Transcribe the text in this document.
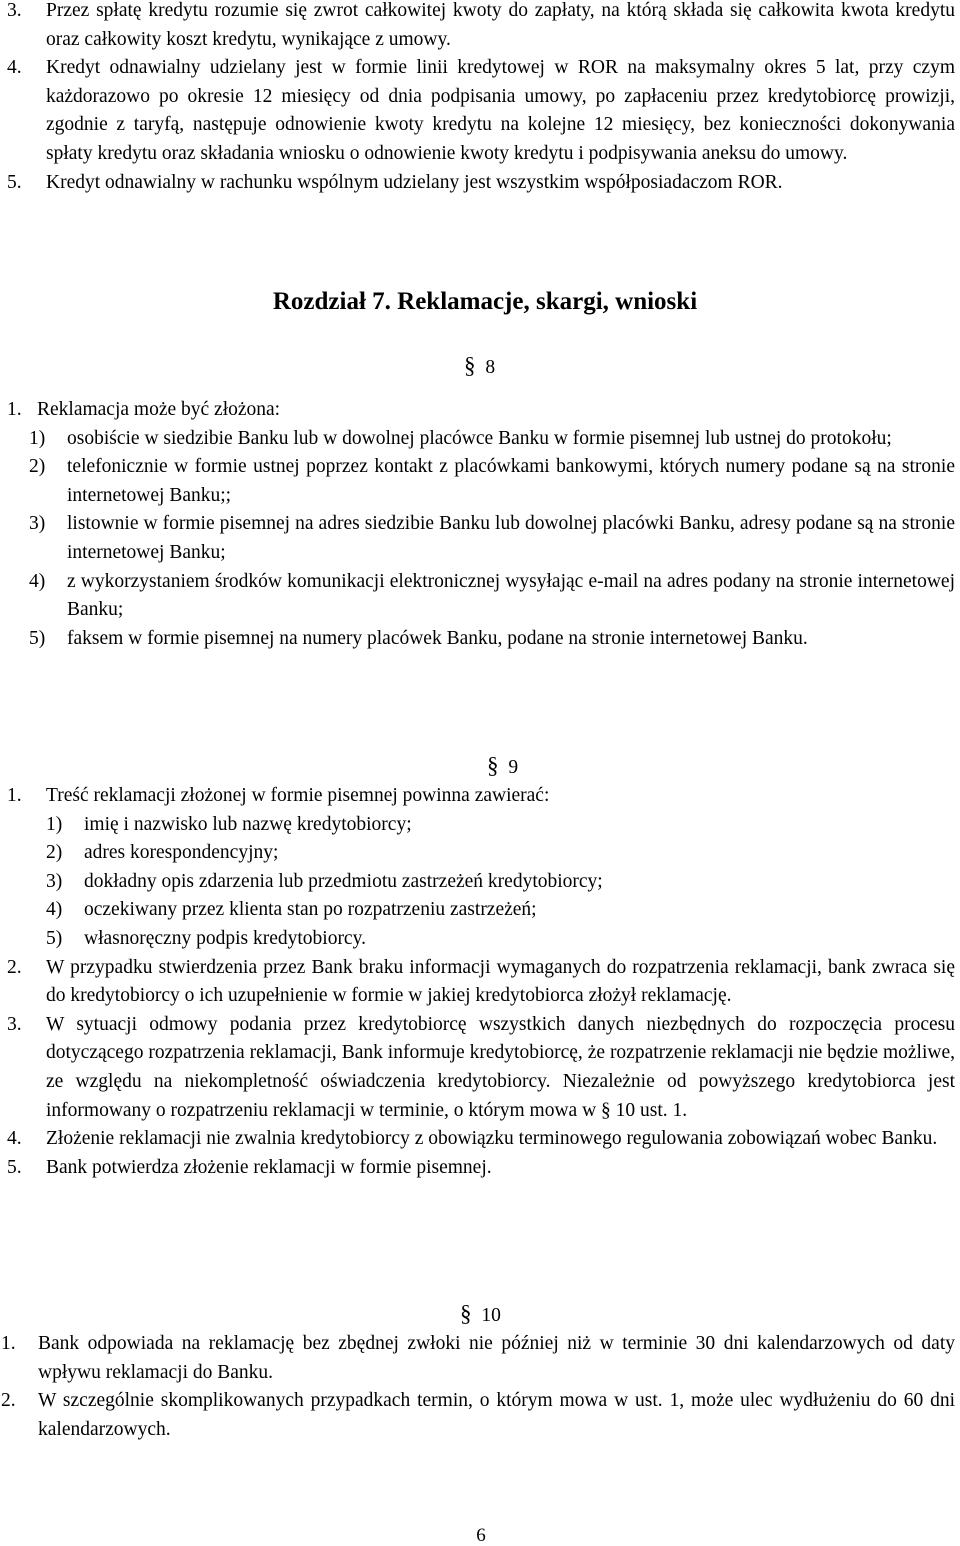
3.	Przez spłatę kredytu rozumie się zwrot całkowitej kwoty do zapłaty, na którą składa się całkowita kwota kredytu oraz całkowity koszt kredytu, wynikające z umowy.
4.	Kredyt odnawialny udzielany jest w formie linii kredytowej w ROR na maksymalny okres 5 lat, przy czym każdorazowo po okresie 12 miesięcy od dnia podpisania umowy, po zapłaceniu przez kredytobiorcę prowizji, zgodnie z taryfą, następuje odnowienie kwoty kredytu na kolejne 12 miesięcy, bez konieczności dokonywania spłaty kredytu oraz składania wniosku o odnowienie kwoty kredytu i podpisywania aneksu do umowy.
5.	Kredyt odnawialny w rachunku wspólnym udzielany jest wszystkim współposiadaczom ROR.
Rozdział 7. Reklamacje, skargi, wnioski
§ 8
1. Reklamacja może być złożona:
1)	osobiście w siedzibie Banku lub w dowolnej placówce Banku w formie pisemnej lub ustnej do protokołu;
2)	telefonicznie w formie ustnej poprzez kontakt z placówkami bankowymi, których numery podane są na stronie internetowej Banku;;
3)	listownie w formie pisemnej na adres siedzibie Banku lub dowolnej placówki Banku, adresy podane są na stronie internetowej Banku;
4)	z wykorzystaniem środków komunikacji elektronicznej wysyłając e-mail na adres podany na stronie internetowej Banku;
5)	faksem w formie pisemnej na numery placówek Banku, podane na stronie internetowej Banku.
§ 9
1.	Treść reklamacji złożonej w formie pisemnej powinna zawierać:
1)	imię i nazwisko lub nazwę kredytobiorcy;
2)	adres korespondencyjny;
3)	dokładny opis zdarzenia lub przedmiotu zastrzeżeń kredytobiorcy;
4)	oczekiwany przez klienta stan po rozpatrzeniu zastrzeżeń;
5)	własnoręczny podpis kredytobiorcy.
2.	W przypadku stwierdzenia przez Bank braku informacji wymaganych do rozpatrzenia reklamacji, bank zwraca się do kredytobiorcy o ich uzupełnienie w formie w jakiej kredytobiorca złożył reklamację.
3.	W sytuacji odmowy podania przez kredytobiorcę wszystkich danych niezbędnych do rozpoczęcia procesu dotyczącego rozpatrzenia reklamacji, Bank informuje kredytobiorcę, że rozpatrzenie reklamacji nie będzie możliwe, ze względu na niekompletność oświadczenia kredytobiorcy. Niezależnie od powyższego kredytobiorca jest informowany o rozpatrzeniu reklamacji w terminie, o którym mowa w § 10 ust. 1.
4.	Złożenie reklamacji nie zwalnia kredytobiorcy z obowiązku terminowego regulowania zobowiązań wobec Banku.
5.	Bank potwierdza złożenie reklamacji w formie pisemnej.
§ 10
1.	Bank odpowiada na reklamację bez zbędnej zwłoki nie później niż w terminie 30 dni kalendarzowych od daty wpływu reklamacji do Banku.
2.	W szczególnie skomplikowanych przypadkach termin, o którym mowa w ust. 1, może ulec wydłużeniu do 60 dni kalendarzowych.
6
